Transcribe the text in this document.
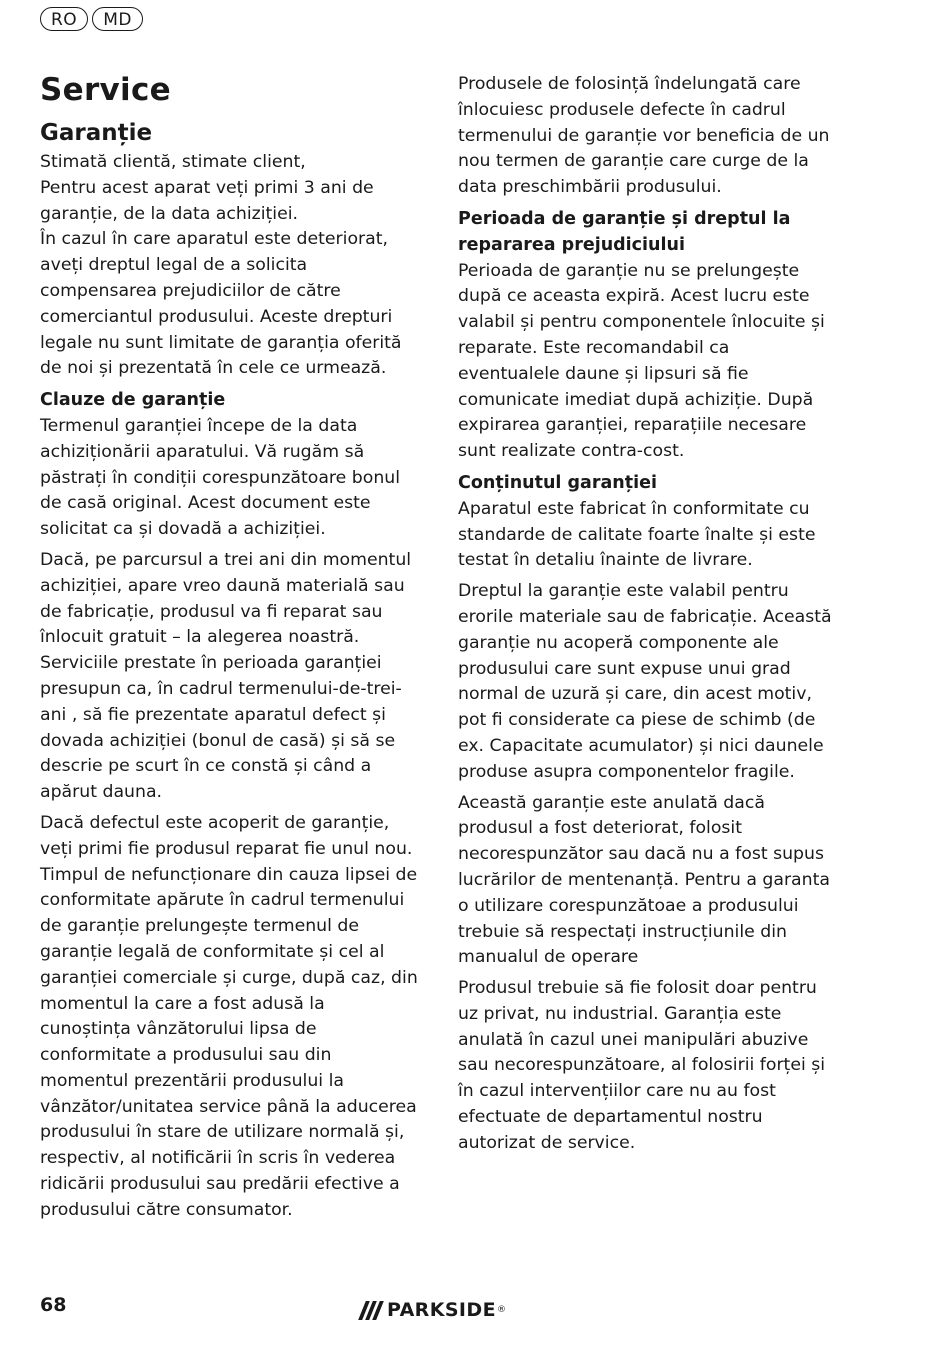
RO	MD
Service
Garanție

Stimată clientă, stimate client,
Pentru acest aparat veți primi 3 ani de garanție, de la data achiziției.
În cazul în care aparatul este deteriorat, aveți dreptul legal de a solicita compensarea prejudiciilor de către comerciantul produsului. Aceste drepturi legale nu sunt limitate de garanția oferită de noi și prezentată în cele ce urmează.

Clauze de garanție

Termenul garanției începe de la data achiziționării aparatului. Vă rugăm să păstrați în condiții corespunzătoare bonul de casă original. Acest document este solicitat ca și dovadă a achiziției.

Dacă, pe parcursul a trei ani din momentul achiziției, apare vreo daună materială sau de fabricație, produsul va fi reparat sau înlocuit gratuit – la alegerea noastră. Serviciile prestate în perioada garanției presupun ca, în cadrul termenului-de-trei-ani , să fie prezentate aparatul defect și dovada achiziției (bonul de casă) și să se descrie pe scurt în ce constă și când a apărut dauna.

Dacă defectul este acoperit de garanție, veți primi fie produsul reparat fie unul nou. Timpul de nefuncționare din cauza lipsei de conformitate apărute în cadrul termenului de garanție prelungește termenul de garanție legală de conformitate și cel al garanției comerciale și curge, după caz, din momentul la care a fost adusă la cunoștința vânzătorului lipsa de conformitate a produsului sau din momentul prezentării produsului la vânzător/unitatea service până la aducerea produsului în stare de utilizare normală și, respectiv, al notificării în scris în vederea ridicării produsului sau predării efective a produsului către consumator.

Produsele de folosință îndelungată care înlocuiesc produsele defecte în cadrul termenului de garanție vor beneficia de un nou termen de garanție care curge de la data preschimbării produsului.

Perioada de garanție și dreptul la repararea prejudiciului

Perioada de garanție nu se prelungește după ce aceasta expiră. Acest lucru este valabil și pentru componentele înlocuite și reparate. Este recomandabil ca eventualele daune și lipsuri să fie comunicate imediat după achiziție. După expirarea garanției, reparațiile necesare sunt realizate contra-cost.

Conținutul garanției

Aparatul este fabricat în conformitate cu standarde de calitate foarte înalte și este testat în detaliu înainte de livrare.

Dreptul la garanție este valabil pentru erorile materiale sau de fabricație. Această garanție nu acoperă componente ale produsului care sunt expuse unui grad normal de uzură și care, din acest motiv, pot fi considerate ca piese de schimb (de ex. Capacitate acumulator) și nici daunele produse asupra componentelor fragile.

Această garanție este anulată dacă produsul a fost deteriorat, folosit necorespunzător sau dacă nu a fost supus lucrărilor de mentenanță. Pentru a garanta o utilizare corespunzătoae a produsului trebuie să respectați instrucțiunile din manualul de operare

Produsul trebuie să fie folosit doar pentru uz privat, nu industrial. Garanția este anulată în cazul unei manipulări abuzive sau necorespunzătoare, al folosirii forței și în cazul intervențiilor care nu au fost efectuate de departamentul nostru autorizat de service.

68	PARKSIDE ®
